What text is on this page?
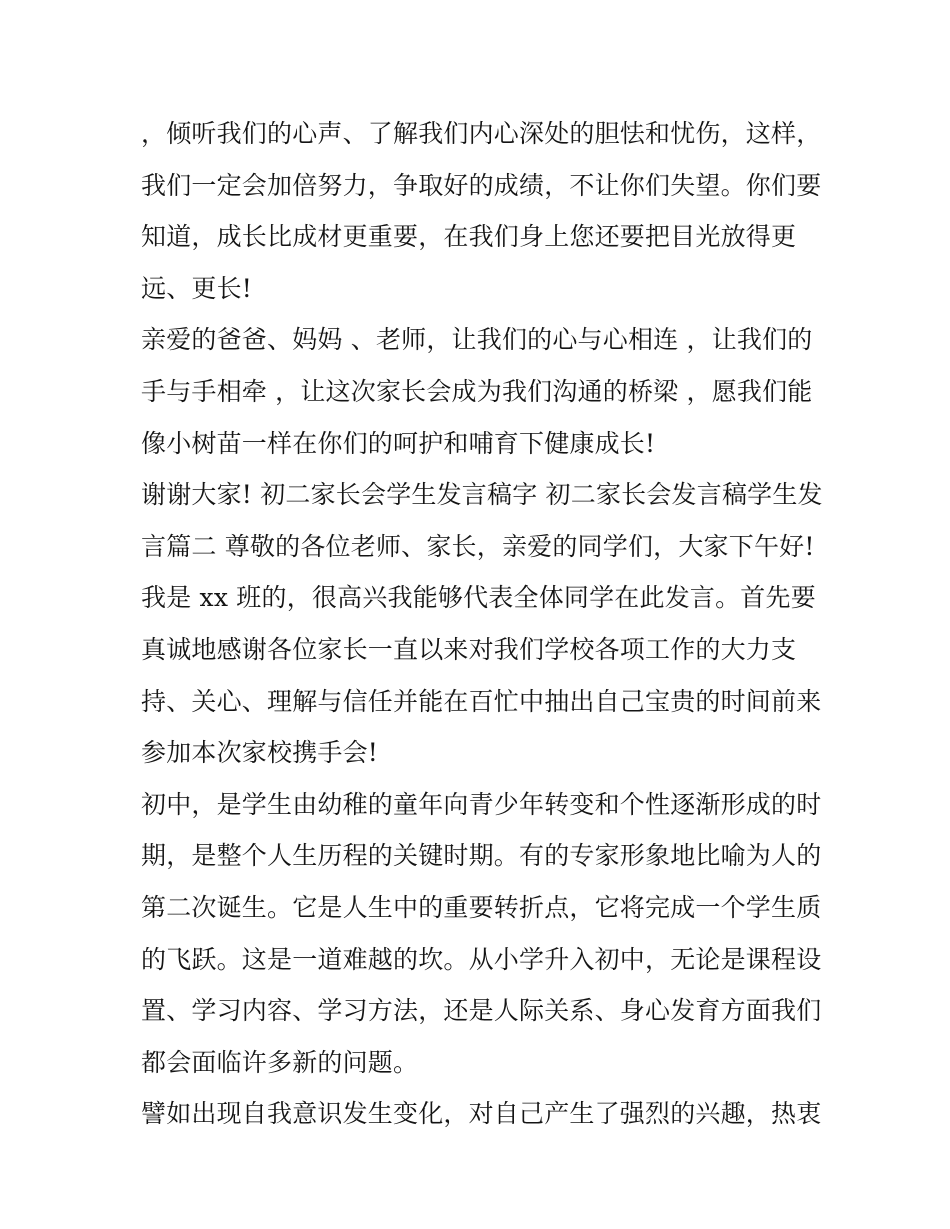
，倾听我们的心声、了解我们内心深处的胆怯和忧伤，这样，
我们一定会加倍努力，争取好的成绩，不让你们失望。你们要
知道，成长比成材更重要，在我们身上您还要把目光放得更
远、更长!
亲爱的爸爸、妈妈 、老师，让我们的心与心相连 ，让我们的
手与手相牵 ，让这次家长会成为我们沟通的桥梁 ，愿我们能
像小树苗一样在你们的呵护和哺育下健康成长!
谢谢大家! 初二家长会学生发言稿字 初二家长会发言稿学生发
言篇二 尊敬的各位老师、家长，亲爱的同学们，大家下午好!
我是 xx 班的，很高兴我能够代表全体同学在此发言。首先要
真诚地感谢各位家长一直以来对我们学校各项工作的大力支
持、关心、理解与信任并能在百忙中抽出自己宝贵的时间前来
参加本次家校携手会!
初中，是学生由幼稚的童年向青少年转变和个性逐渐形成的时
期，是整个人生历程的关键时期。有的专家形象地比喻为人的
第二次诞生。它是人生中的重要转折点，它将完成一个学生质
的飞跃。这是一道难越的坎。从小学升入初中，无论是课程设
置、学习内容、学习方法，还是人际关系、身心发育方面我们
都会面临许多新的问题。
譬如出现自我意识发生变化，对自己产生了强烈的兴趣，热衷
